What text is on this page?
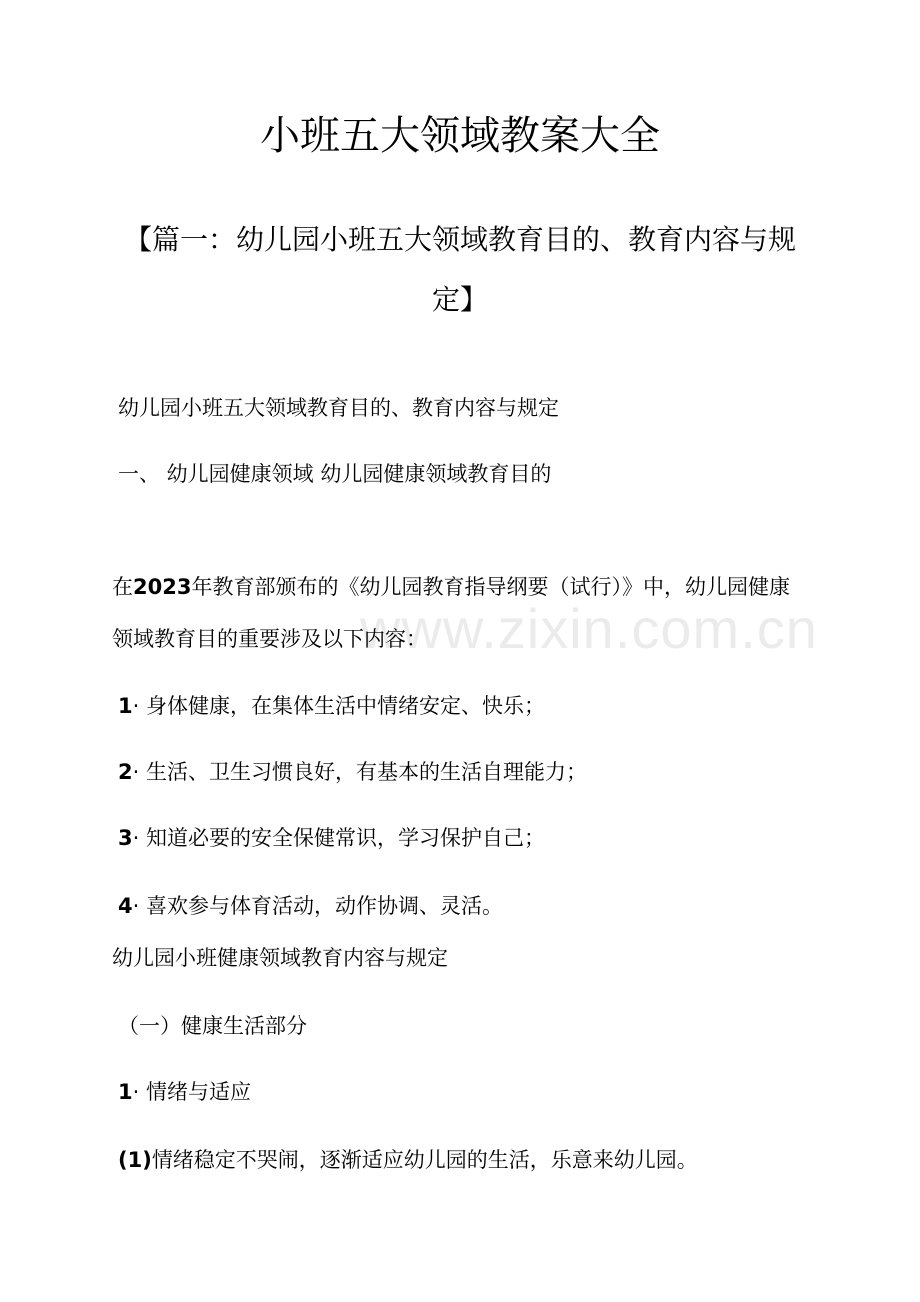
小班五大领域教案大全
【篇一：幼儿园小班五大领域教育目的、教育内容与规定】

幼儿园小班五大领域教育目的、教育内容与规定

一、 幼儿园健康领域 幼儿园健康领域教育目的

在2023年教育部颁布的《幼儿园教育指导纲要（试行）》中，幼儿园健康领域教育目的重要涉及以下内容：

1· 身体健康，在集体生活中情绪安定、快乐；

2· 生活、卫生习惯良好，有基本的生活自理能力；

3· 知道必要的安全保健常识，学习保护自己；

4· 喜欢参与体育活动，动作协调、灵活。

幼儿园小班健康领域教育内容与规定

（一）健康生活部分

1· 情绪与适应

(1)情绪稳定不哭闹，逐渐适应幼儿园的生活，乐意来幼儿园。

www.zixin.com.cn
